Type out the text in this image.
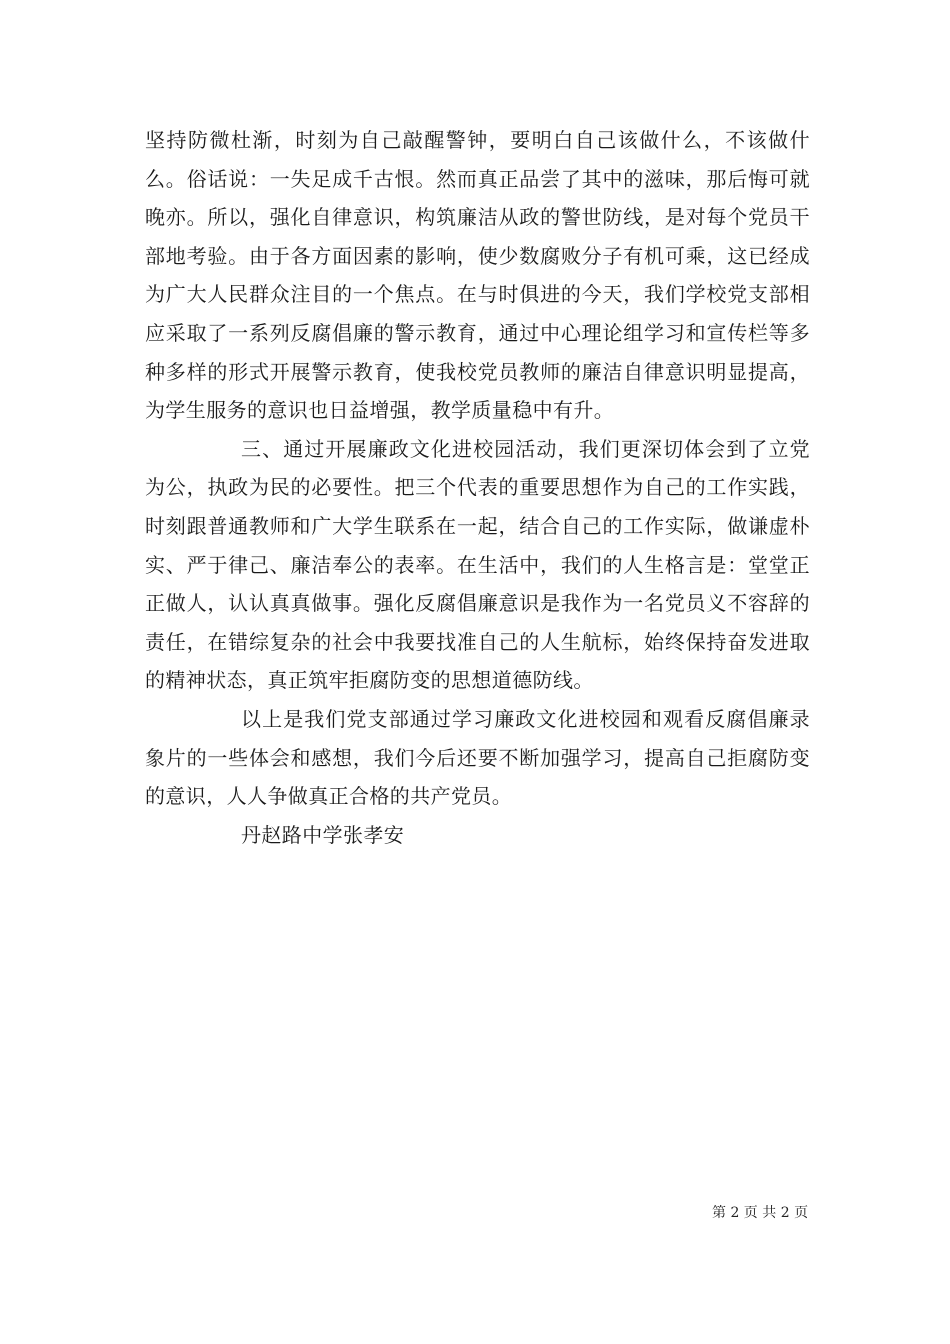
坚持防微杜渐，时刻为自己敲醒警钟，要明白自己该做什么，不该做什么。俗话说：一失足成千古恨。然而真正品尝了其中的滋味，那后悔可就晚亦。所以，强化自律意识，构筑廉洁从政的警世防线，是对每个党员干部地考验。由于各方面因素的影响，使少数腐败分子有机可乘，这已经成为广大人民群众注目的一个焦点。在与时俱进的今天，我们学校党支部相应采取了一系列反腐倡廉的警示教育，通过中心理论组学习和宣传栏等多种多样的形式开展警示教育，使我校党员教师的廉洁自律意识明显提高，为学生服务的意识也日益增强，教学质量稳中有升。

三、通过开展廉政文化进校园活动，我们更深切体会到了立党为公，执政为民的必要性。把三个代表的重要思想作为自己的工作实践，时刻跟普通教师和广大学生联系在一起，结合自己的工作实际，做谦虚朴实、严于律己、廉洁奉公的表率。在生活中，我们的人生格言是：堂堂正正做人，认认真真做事。强化反腐倡廉意识是我作为一名党员义不容辞的责任，在错综复杂的社会中我要找准自己的人生航标，始终保持奋发进取的精神状态，真正筑牢拒腐防变的思想道德防线。

以上是我们党支部通过学习廉政文化进校园和观看反腐倡廉录象片的一些体会和感想，我们今后还要不断加强学习，提高自己拒腐防变的意识，人人争做真正合格的共产党员。

丹赵路中学张孝安

第 2 页 共 2 页
